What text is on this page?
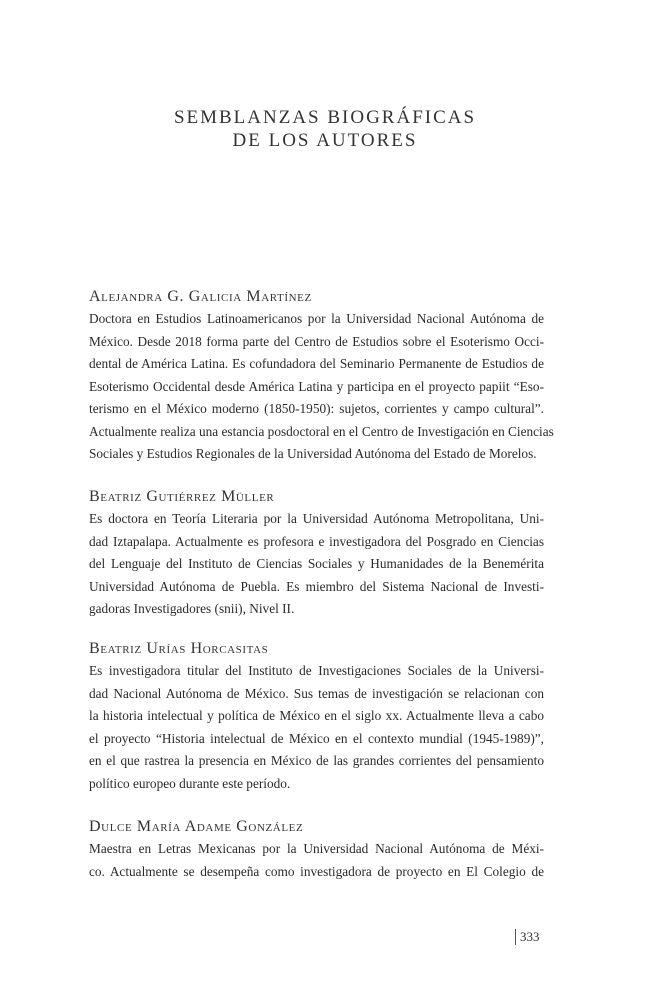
SEMBLANZAS BIOGRÁFICAS
DE LOS AUTORES
Alejandra G. Galicia Martínez
Doctora en Estudios Latinoamericanos por la Universidad Nacional Autónoma de
México. Desde 2018 forma parte del Centro de Estudios sobre el Esoterismo Occi-
dental de América Latina. Es cofundadora del Seminario Permanente de Estudios de
Esoterismo Occidental desde América Latina y participa en el proyecto papiit “Eso-
terismo en el México moderno (1850-1950): sujetos, corrientes y campo cultural”.
Actualmente realiza una estancia posdoctoral en el Centro de Investigación en Ciencias
Sociales y Estudios Regionales de la Universidad Autónoma del Estado de Morelos.
Beatriz Gutiérrez Müller
Es doctora en Teoría Literaria por la Universidad Autónoma Metropolitana, Uni-
dad Iztapalapa. Actualmente es profesora e investigadora del Posgrado en Ciencias
del Lenguaje del Instituto de Ciencias Sociales y Humanidades de la Benemérita
Universidad Autónoma de Puebla. Es miembro del Sistema Nacional de Investi-
gadoras Investigadores (snii), Nivel II.
Beatriz Urías Horcasitas
Es investigadora titular del Instituto de Investigaciones Sociales de la Universi-
dad Nacional Autónoma de México. Sus temas de investigación se relacionan con
la historia intelectual y política de México en el siglo xx. Actualmente lleva a cabo
el proyecto “Historia intelectual de México en el contexto mundial (1945-1989)”,
en el que rastrea la presencia en México de las grandes corrientes del pensamiento
político europeo durante este período.
Dulce María Adame González
Maestra en Letras Mexicanas por la Universidad Nacional Autónoma de Méxi-
co. Actualmente se desempeña como investigadora de proyecto en El Colegio de
333
